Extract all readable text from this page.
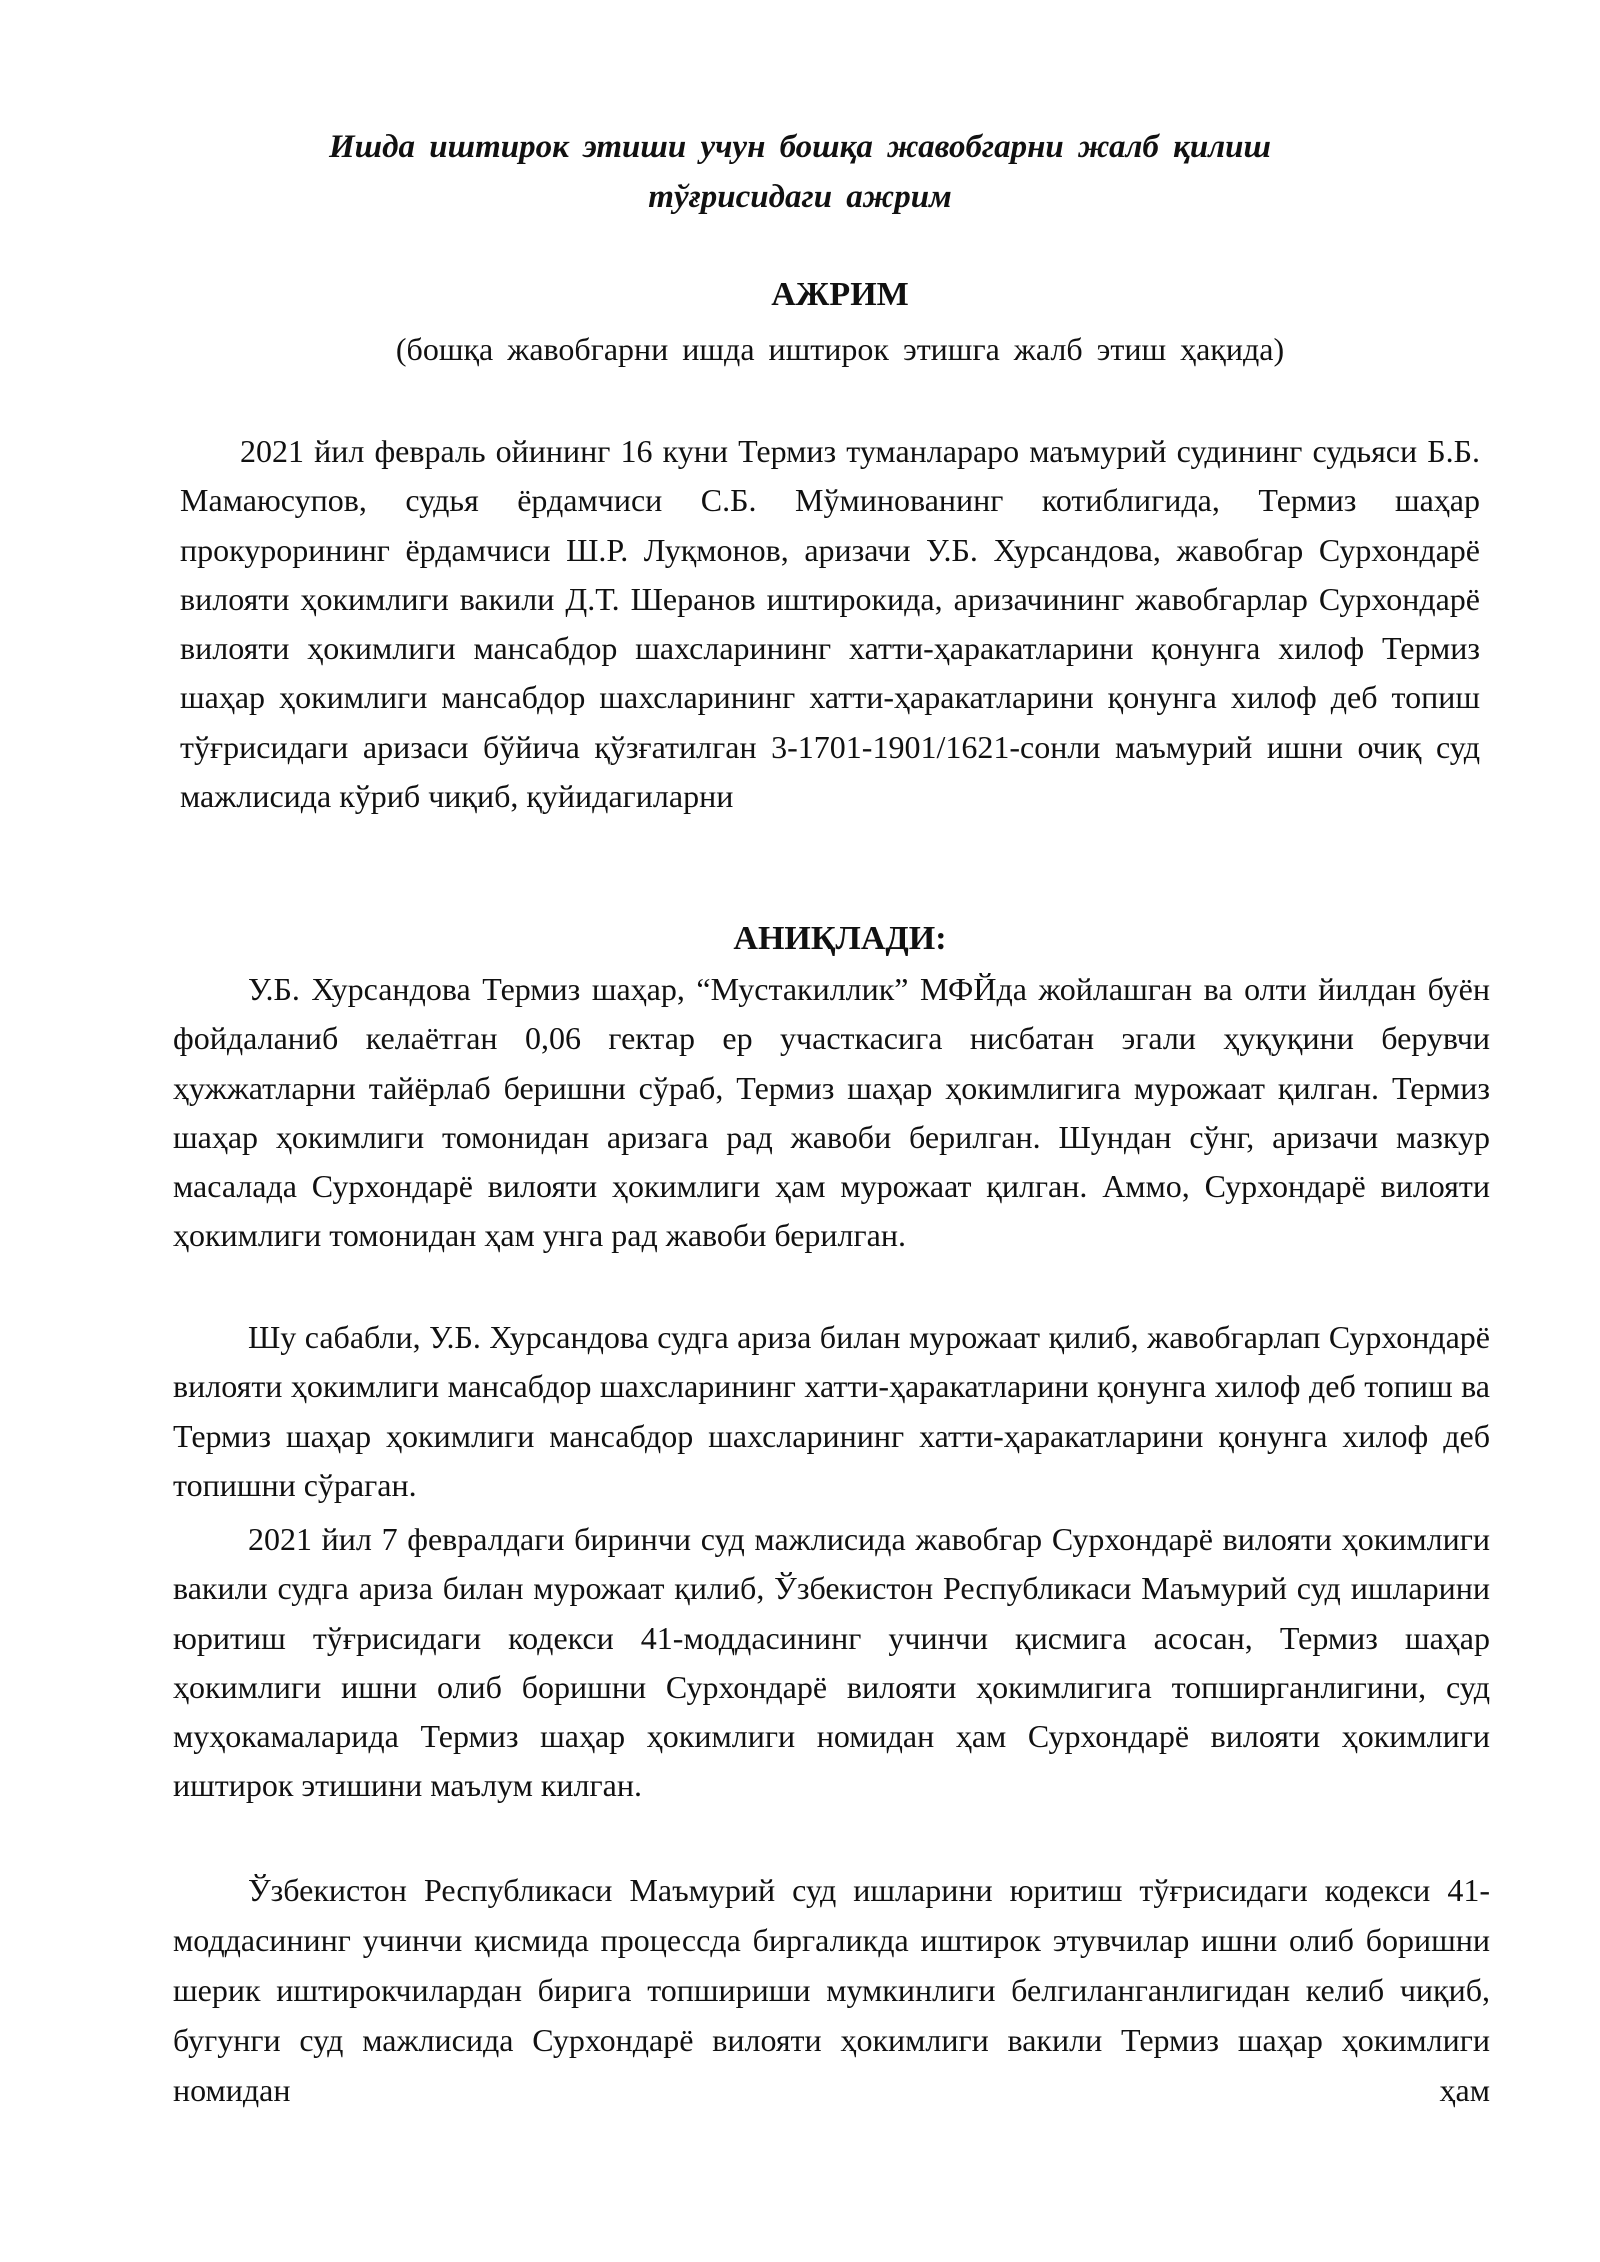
Ишда иштирок этиши учун бошқа жавобгарни жалб қилиш тўғрисидаги ажрим
АЖРИМ
(бошқа жавобгарни ишда иштирок этишга жалб этиш ҳақида)

2021 йил февраль ойининг 16 куни Термиз туманлараро маъмурий судининг судьяси Б.Б. Мамаюсупов, судья ёрдамчиси С.Б. Мўминованинг котиблигида, Термиз шаҳар прокурорининг ёрдамчиси Ш.Р. Луқмонов, аризачи У.Б. Хурсандова, жавобгар Сурхондарё вилояти ҳокимлиги вакили Д.Т. Шеранов иштирокида, аризачининг жавобгарлар Сурхондарё вилояти ҳокимлиги мансабдор шахсларининг хатти-ҳаракатларини қонунга хилоф Термиз шаҳар ҳокимлиги мансабдор шахсларининг хатти-ҳаракатларини қонунга хилоф деб топиш тўғрисидаги аризаси бўйича қўзғатилган 3-1701-1901/1621-сонли маъмурий ишни очиқ суд мажлисида кўриб чиқиб, қуйидагиларни

АНИҚЛАДИ:

У.Б. Хурсандова Термиз шаҳар, “Мустакиллик” МФЙда жойлашган ва олти йилдан буён фойдаланиб келаётган 0,06 гектар ер участкасига нисбатан эгали ҳуқуқини берувчи ҳужжатларни тайёрлаб беришни сўраб, Термиз шаҳар ҳокимлигига мурожаат қилган. Термиз шаҳар ҳокимлиги томонидан аризага рад жавоби берилган. Шундан сўнг, аризачи мазкур масалада Сурхондарё вилояти ҳокимлиги ҳам мурожаат қилган. Аммо, Сурхондарё вилояти ҳокимлиги томонидан ҳам унга рад жавоби берилган.

Шу сабабли, У.Б. Хурсандова судга ариза билан мурожаат қилиб, жавобгарлап Сурхондарё вилояти ҳокимлиги мансабдор шахсларининг хатти-ҳаракатларини қонунга хилоф деб топиш ва Термиз шаҳар ҳокимлиги мансабдор шахсларининг хатти-ҳаракатларини қонунга хилоф деб топишни сўраган.

2021 йил 7 февралдаги биринчи суд мажлисида жавобгар Сурхондарё вилояти ҳокимлиги вакили судга ариза билан мурожаат қилиб, Ўзбекистон Республикаси Маъмурий суд ишларини юритиш тўғрисидаги кодекси 41-моддасининг учинчи қисмига асосан, Термиз шаҳар ҳокимлиги ишни олиб боришни Сурхондарё вилояти ҳокимлигига топширганлигини, суд муҳокамаларида Термиз шаҳар ҳокимлиги номидан ҳам Сурхондарё вилояти ҳокимлиги иштирок этишини маълум килган.

Ўзбекистон Республикаси Маъмурий суд ишларини юритиш тўғрисидаги кодекси 41-моддасининг учинчи қисмида процессда биргаликда иштирок этувчилар ишни олиб боришни шерик иштирокчилардан бирига топшириши мумкинлиги белгиланганлигидан келиб чиқиб, бугунги суд мажлисида Сурхондарё вилояти ҳокимлиги вакили Термиз шаҳар ҳокимлиги номидан ҳам
